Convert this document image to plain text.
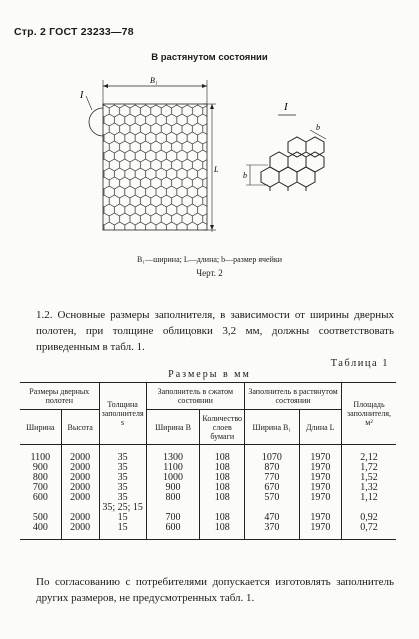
Стр. 2 ГОСТ 23233—78
В растянутом состоянии
B₁
L
I
I
b
b
B₁—ширина; L—длина; b—размер ячейки
Черт. 2
1.2. Основные размеры заполнителя, в зависимости от ширины дверных полотен, при толщине облицовки 3,2 мм, должны соответствовать приведенным в табл. 1.
Таблица 1
Размеры в мм
Размеры дверных полотен		Толщина заполнителя s	Заполнитель в сжатом состоянии		Заполнитель в растянутом состоянии		Площадь заполнителя, м²
Ширина	Высота		Ширина B	Количество слоев бумаги	Ширина B₁	Длина L	

1100	2000	35	1300	108	1070	1970	2,12
900	2000	35	1100	108	870	1970	1,72
800	2000	35	1000	108	770	1970	1,52
700	2000	35	900	108	670	1970	1,32
600	2000	35	800	108	570	1970	1,12
		35; 25; 15					
500	2000	15	700	108	470	1970	0,92
400	2000	15	600	108	370	1970	0,72
По согласованию с потребителями допускается изготовлять заполнитель других размеров, не предусмотренных табл. 1.
